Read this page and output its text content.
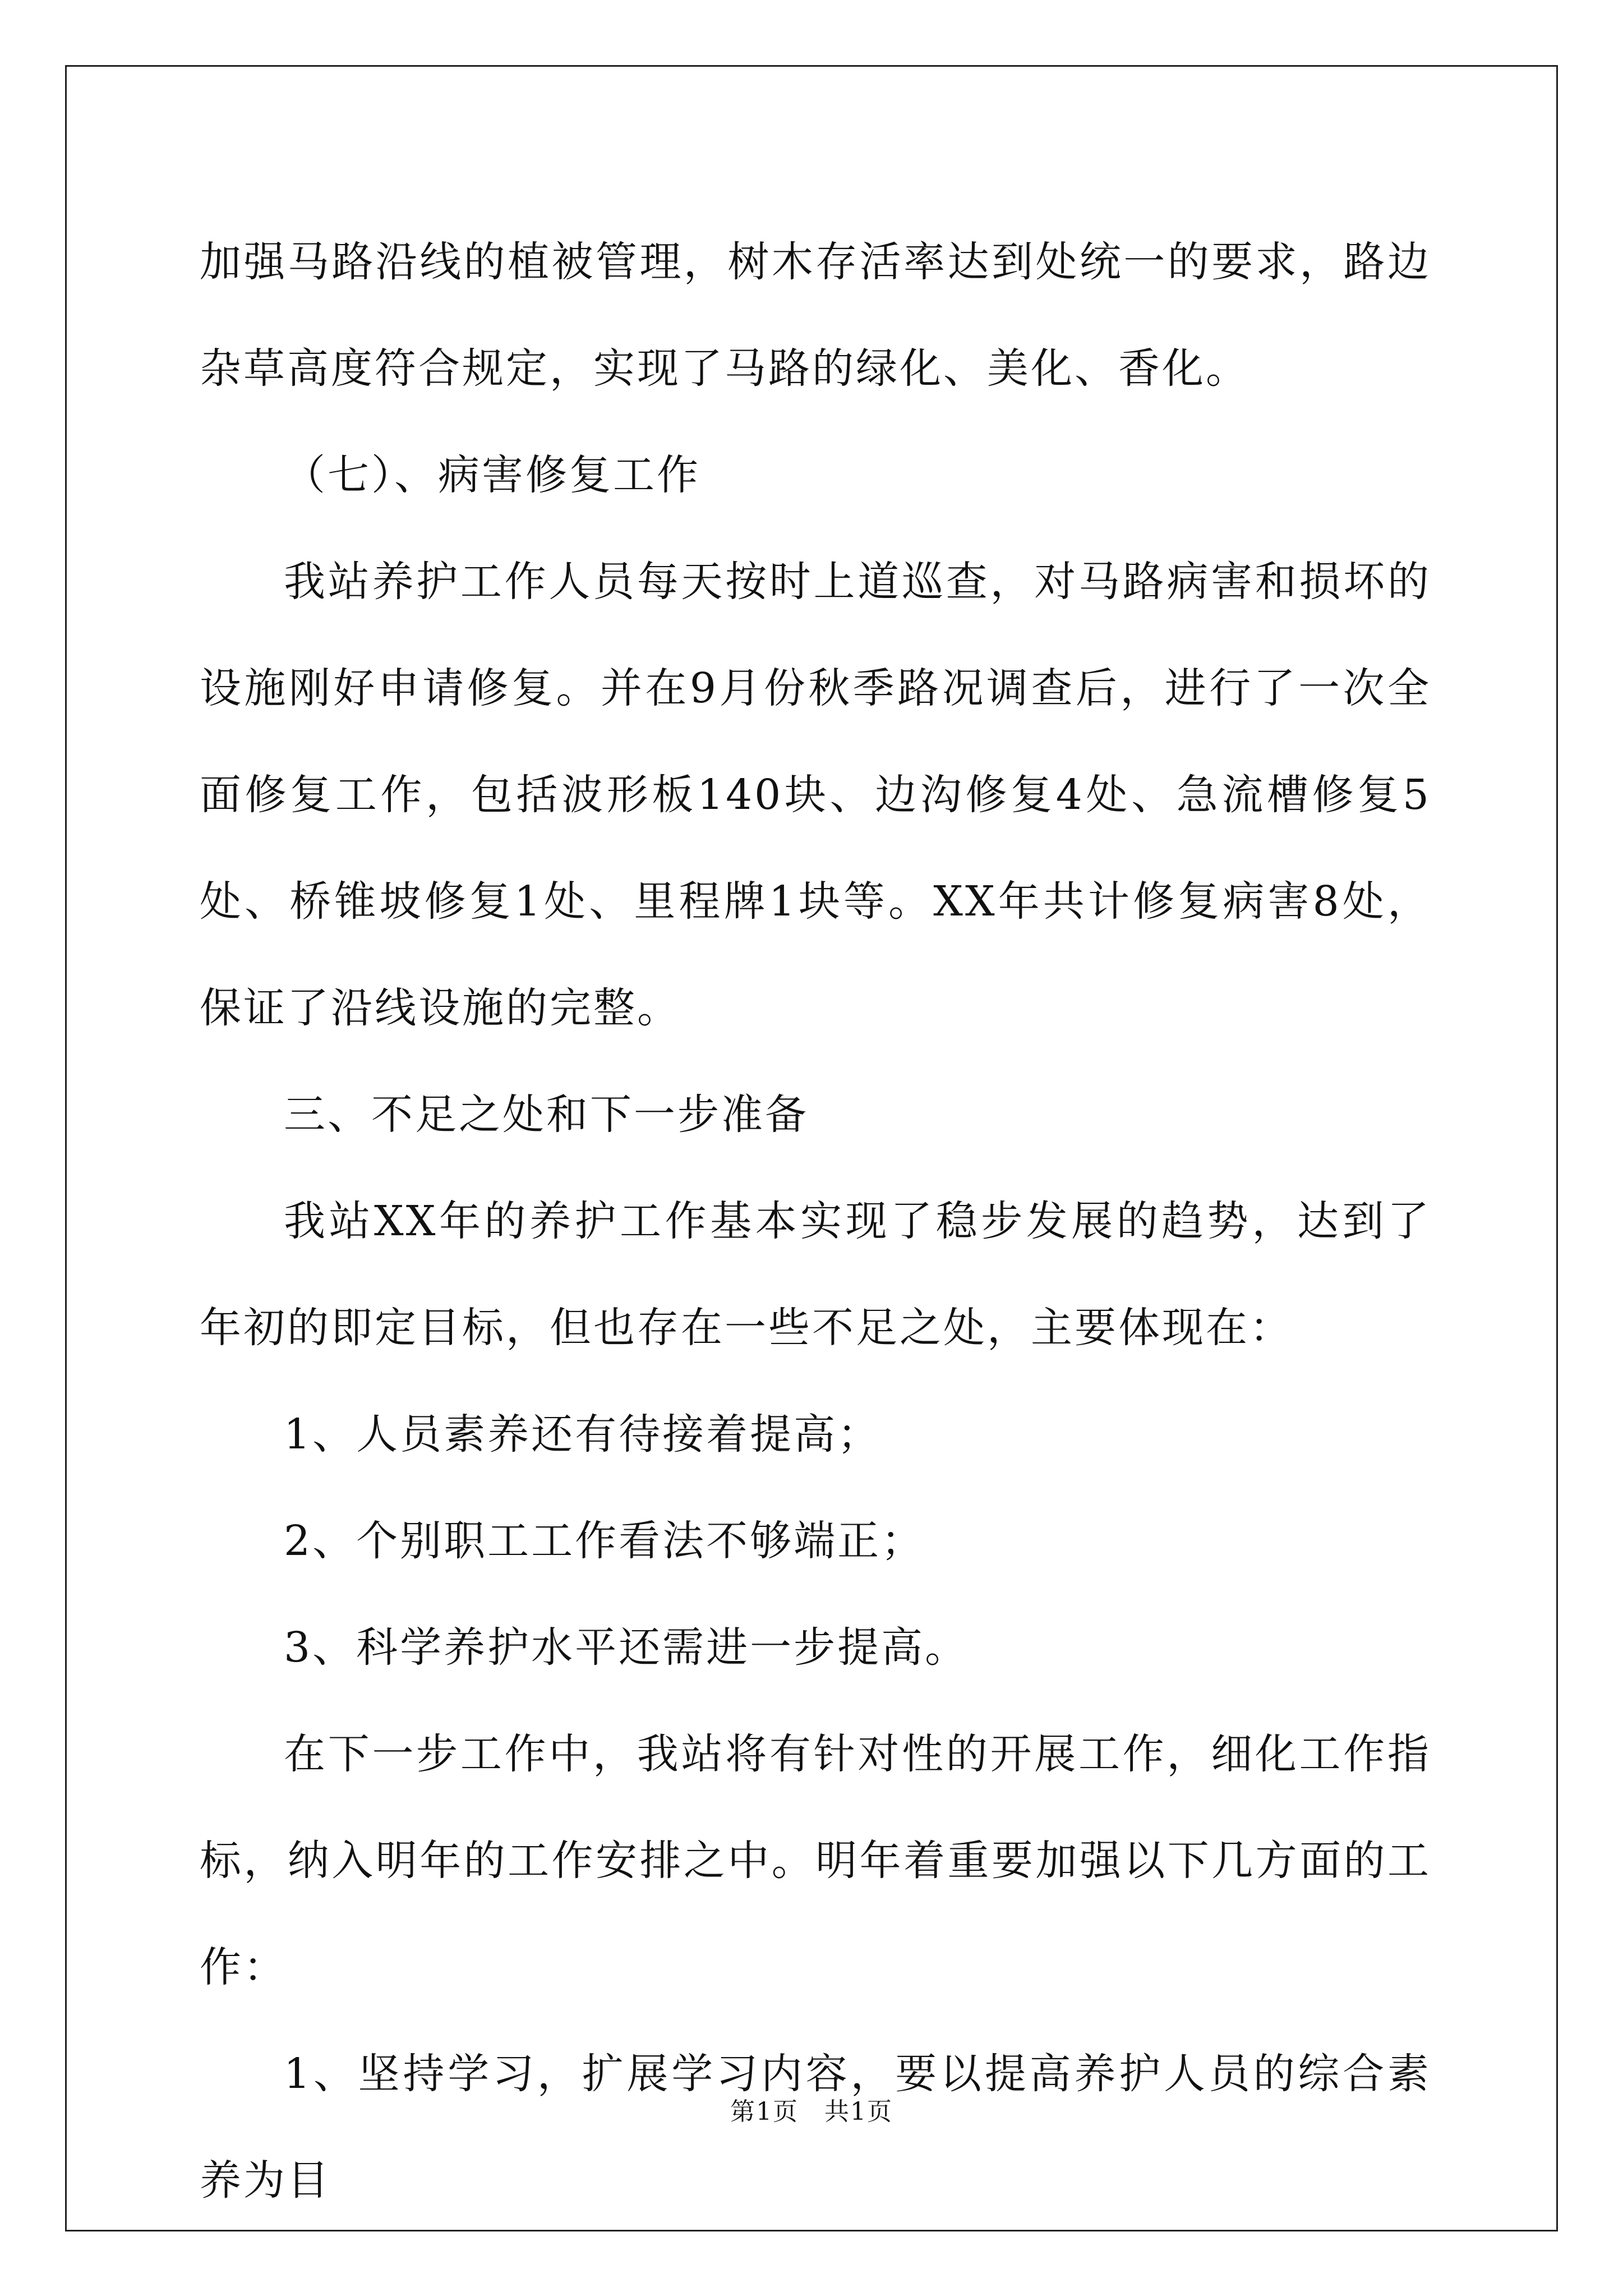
加强马路沿线的植被管理，树木存活率达到处统一的要求，路边杂草高度符合规定，实现了马路的绿化、美化、香化。

（七）、病害修复工作

我站养护工作人员每天按时上道巡查，对马路病害和损坏的设施刚好申请修复。并在9月份秋季路况调查后，进行了一次全面修复工作，包括波形板140块、边沟修复4处、急流槽修复5处、桥锥坡修复1处、里程牌1块等。XX年共计修复病害8处，保证了沿线设施的完整。

三、不足之处和下一步准备

我站XX年的养护工作基本实现了稳步发展的趋势，达到了年初的即定目标，但也存在一些不足之处，主要体现在：

1、人员素养还有待接着提高；

2、个别职工工作看法不够端正；

3、科学养护水平还需进一步提高。

在下一步工作中，我站将有针对性的开展工作，细化工作指标，纳入明年的工作安排之中。明年着重要加强以下几方面的工作：

1、坚持学习，扩展学习内容，要以提高养护人员的综合素养为目

第1页　共1页
